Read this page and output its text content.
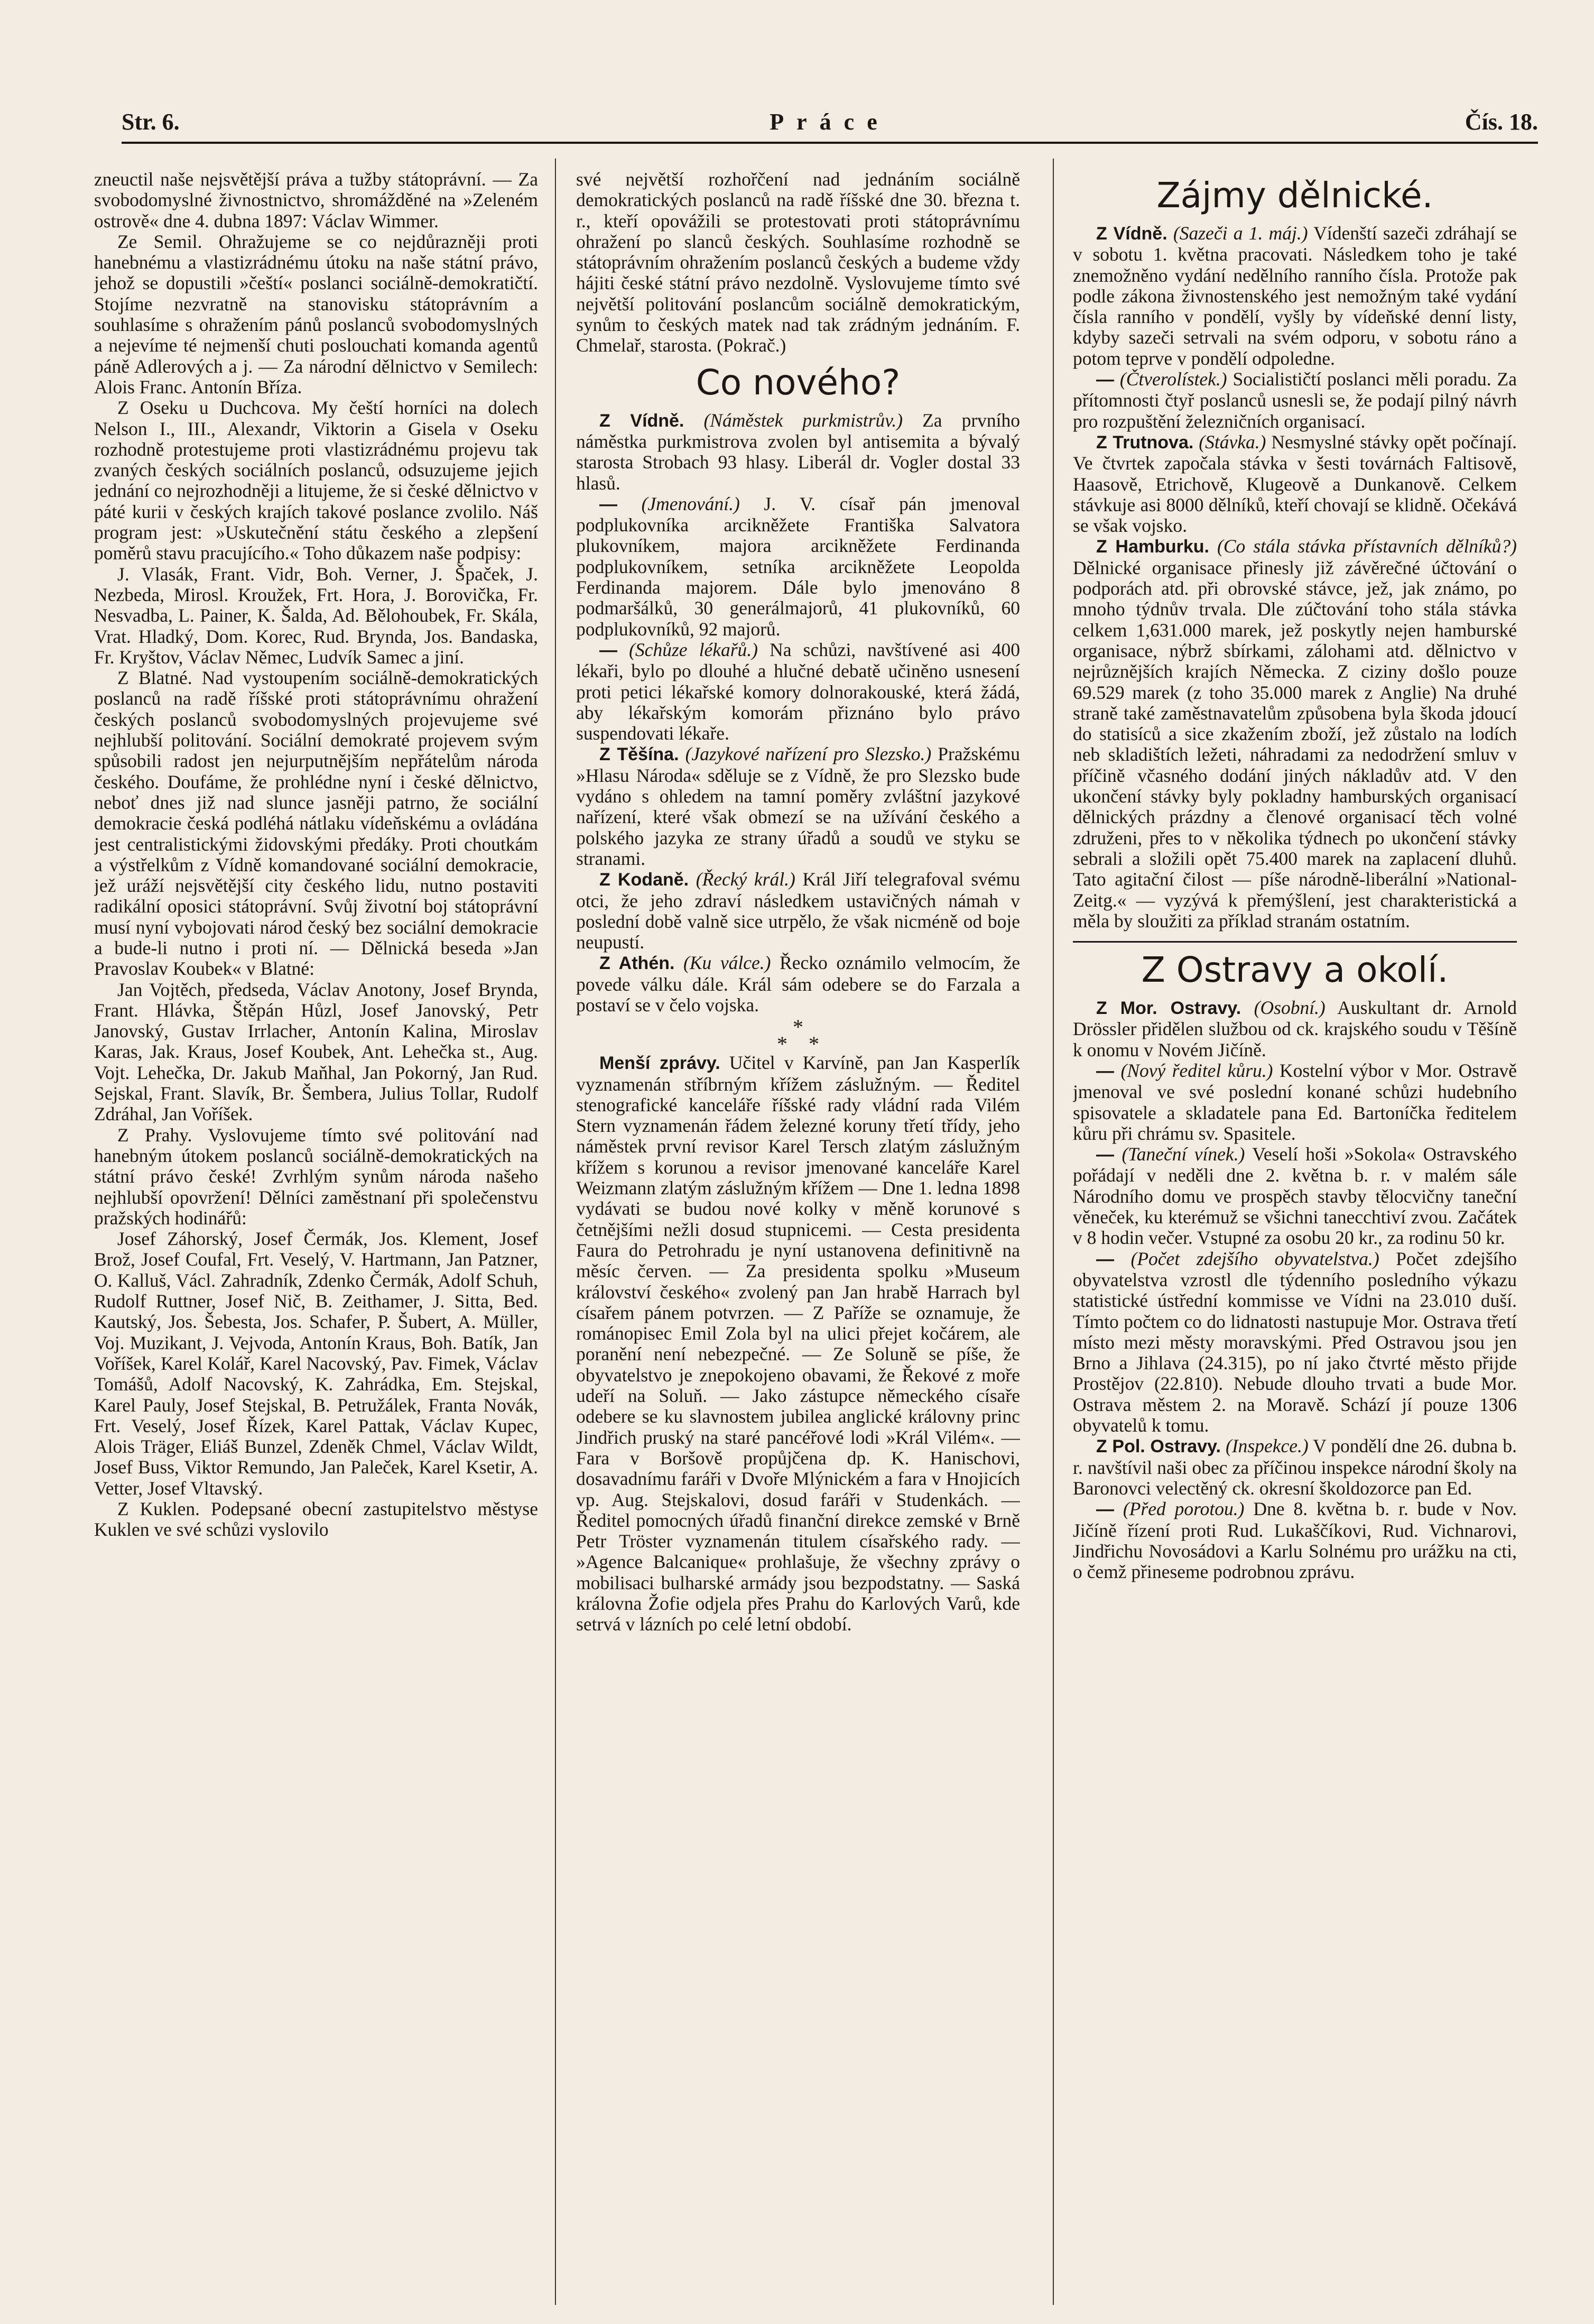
Str. 6.	Práce	Čís. 18.

zneuctil naše nejsvětější práva a tužby státoprávní. — Za svobodomyslné živnostnictvo, shromážděné na »Zeleném ostrově« dne 4. dubna 1897: Václav Wimmer.

Ze Semil. Ohražujeme se co nejdůrazněji proti hanebnému a vlastizrádnému útoku na naše státní právo, jehož se dopustili »čeští« poslanci sociálně-demokratičtí. Stojíme nezvratně na stanovisku státoprávním a souhlasíme s ohražením pánů poslanců svobodomyslných a nejevíme té nejmenší chuti poslouchati komanda agentů páně Adlerových a j. — Za národní dělnictvo v Semilech: Alois Franc. Antonín Bříza.

Z Oseku u Duchcova. My čeští horníci na dolech Nelson I., III., Alexandr, Viktorin a Gisela v Oseku rozhodně protestujeme proti vlastizrádnému projevu tak zvaných českých sociálních poslanců, odsuzujeme jejich jednání co nejrozhodněji a litujeme, že si české dělnictvo v páté kurii v českých krajích takové poslance zvolilo. Náš program jest: »Uskutečnění státu českého a zlepšení poměrů stavu pracujícího.« Toho důkazem naše podpisy:

J. Vlasák, Frant. Vidr, Boh. Verner, J. Špaček, J. Nezbeda, Mirosl. Kroužek, Frt. Hora, J. Borovička, Fr. Nesvadba, L. Painer, K. Šalda, Ad. Bělohoubek, Fr. Skála, Vrat. Hladký, Dom. Korec, Rud. Brynda, Jos. Bandaska, Fr. Kryštov, Václav Němec, Ludvík Samec a jiní.

Z Blatné. Nad vystoupením sociálně-demokratických poslanců na radě říšské proti státoprávnímu ohražení českých poslanců svobodomyslných projevujeme své nejhlubší politování. Sociální demokraté projevem svým spůsobili radost jen nejurputnějším nepřátelům národa českého. Doufáme, že prohlédne nyní i české dělnictvo, neboť dnes již nad slunce jasněji patrno, že sociální demokracie česká podléhá nátlaku vídeňskému a ovládána jest centralistickými židovskými předáky. Proti choutkám a výstřelkům z Vídně komandované sociální demokracie, jež uráží nejsvětější city českého lidu, nutno postaviti radikální oposici státoprávní. Svůj životní boj státoprávní musí nyní vybojovati národ český bez sociální demokracie a bude-li nutno i proti ní. — Dělnická beseda »Jan Pravoslav Koubek« v Blatné:

Jan Vojtěch, předseda, Václav Anotony, Josef Brynda, Frant. Hlávka, Štěpán Hůzl, Josef Janovský, Petr Janovský, Gustav Irrlacher, Antonín Kalina, Miroslav Karas, Jak. Kraus, Josef Koubek, Ant. Lehečka st., Aug. Vojt. Lehečka, Dr. Jakub Maňhal, Jan Pokorný, Jan Rud. Sejskal, Frant. Slavík, Br. Šembera, Julius Tollar, Rudolf Zdráhal, Jan Voříšek.

Z Prahy. Vyslovujeme tímto své politování nad hanebným útokem poslanců sociálně-demokratických na státní právo české! Zvrhlým synům národa našeho nejhlubší opovržení! Dělníci zaměstnaní při společenstvu pražských hodinářů:

Josef Záhorský, Josef Čermák, Jos. Klement, Josef Brož, Josef Coufal, Frt. Veselý, V. Hartmann, Jan Patzner, O. Kalluš, Václ. Zahradník, Zdenko Čermák, Adolf Schuh, Rudolf Ruttner, Josef Nič, B. Zeithamer, J. Sitta, Bed. Kautský, Jos. Šebesta, Jos. Schafer, P. Šubert, A. Müller, Voj. Muzikant, J. Vejvoda, Antonín Kraus, Boh. Batík, Jan Voříšek, Karel Kolář, Karel Nacovský, Pav. Fimek, Václav Tomášů, Adolf Nacovský, K. Zahrádka, Em. Stejskal, Karel Pauly, Josef Stejskal, B. Petružálek, Franta Novák, Frt. Veselý, Josef Řízek, Karel Pattak, Václav Kupec, Alois Träger, Eliáš Bunzel, Zdeněk Chmel, Václav Wildt, Josef Buss, Viktor Remundo, Jan Paleček, Karel Ksetir, A. Vetter, Josef Vltavský.

Z Kuklen. Podepsané obecní zastupitelstvo městyse Kuklen ve své schůzi vyslovilo

své největší rozhořčení nad jednáním sociálně demokratických poslanců na radě říšské dne 30. března t. r., kteří opovážili se protestovati proti státoprávnímu ohražení po slanců českých. Souhlasíme rozhodně se státoprávním ohražením poslanců českých a budeme vždy hájiti české státní právo nezdolně. Vyslovujeme tímto své největší politování poslancům sociálně demokratickým, synům to českých matek nad tak zrádným jednáním. F. Chmelař, starosta. (Pokrač.)

Co nového?

Z Vídně. (Náměstek purkmistrův.) Za prvního náměstka purkmistrova zvolen byl antisemita a bývalý starosta Strobach 93 hlasy. Liberál dr. Vogler dostal 33 hlasů.

— (Jmenování.) J. V. císař pán jmenoval podplukovníka arcikněžete Františka Salvatora plukovníkem, majora arcikněžete Ferdinanda podplukovníkem, setníka arcikněžete Leopolda Ferdinanda majorem. Dále bylo jmenováno 8 podmaršálků, 30 generálmajorů, 41 plukovníků, 60 podplukovníků, 92 majorů.

— (Schůze lékařů.) Na schůzi, navštívené asi 400 lékaři, bylo po dlouhé a hlučné debatě učiněno usnesení proti petici lékařské komory dolnorakouské, která žádá, aby lékařským komorám přiznáno bylo právo suspendovati lékaře.

Z Těšína. (Jazykové nařízení pro Slezsko.) Pražskému »Hlasu Národa« sděluje se z Vídně, že pro Slezsko bude vydáno s ohledem na tamní poměry zvláštní jazykové nařízení, které však obmezí se na užívání českého a polského jazyka ze strany úřadů a soudů ve styku se stranami.

Z Kodaně. (Řecký král.) Král Jiří telegrafoval svému otci, že jeho zdraví následkem ustavičných námah v poslední době valně sice utrpělo, že však nicméně od boje neupustí.

Z Athén. (Ku válce.) Řecko oznámilo velmocím, že povede válku dále. Král sám odebere se do Farzala a postaví se v čelo vojska.

*
*    *

Menší zprávy. Učitel v Karvíně, pan Jan Kasperlík vyznamenán stříbrným křížem záslužným. — Ředitel stenografické kanceláře říšské rady vládní rada Vilém Stern vyznamenán řádem železné koruny třetí třídy, jeho náměstek první revisor Karel Tersch zlatým záslužným křížem s korunou a revisor jmenované kanceláře Karel Weizmann zlatým záslužným křížem — Dne 1. ledna 1898 vydávati se budou nové kolky v měně korunové s četnějšími nežli dosud stupnicemi. — Cesta presidenta Faura do Petrohradu je nyní ustanovena definitivně na měsíc červen. — Za presidenta spolku »Museum království českého« zvolený pan Jan hrabě Harrach byl císařem pánem potvrzen. — Z Paříže se oznamuje, že románopisec Emil Zola byl na ulici přejet kočárem, ale poranění není nebezpečné. — Ze Soluně se píše, že obyvatelstvo je znepokojeno obavami, že Řekové z moře udeří na Soluň. — Jako zástupce německého císaře odebere se ku slavnostem jubilea anglické královny princ Jindřich pruský na staré pancéřové lodi »Král Vilém«. — Fara v Boršově propůjčena dp. K. Hanischovi, dosavadnímu faráři v Dvoře Mlýnickém a fara v Hnojicích vp. Aug. Stejskalovi, dosud faráři v Studenkách. — Ředitel pomocných úřadů finanční direkce zemské v Brně Petr Tröster vyznamenán titulem císařského rady. — »Agence Balcanique« prohlašuje, že všechny zprávy o mobilisaci bulharské armády jsou bezpodstatny. — Saská královna Žofie odjela přes Prahu do Karlových Varů, kde setrvá v lázních po celé letní období.

Zájmy dělnické.

Z Vídně. (Sazeči a 1. máj.) Vídenští sazeči zdráhají se v sobotu 1. května pracovati. Následkem toho je také znemožněno vydání nedělního ranního čísla. Protože pak podle zákona živnostenského jest nemožným také vydání čísla ranního v pondělí, vyšly by vídeňské denní listy, kdyby sazeči setrvali na svém odporu, v sobotu ráno a potom teprve v pondělí odpoledne.

— (Čtverolístek.) Socialističtí poslanci měli poradu. Za přítomnosti čtyř poslanců usnesli se, že podají pilný návrh pro rozpuštění železničních organisací.

Z Trutnova. (Stávka.) Nesmyslné stávky opět počínají. Ve čtvrtek započala stávka v šesti továrnách Faltisově, Haasově, Etrichově, Klugeově a Dunkanově. Celkem stávkuje asi 8000 dělníků, kteří chovají se klidně. Očekává se však vojsko.

Z Hamburku. (Co stála stávka přístavních dělníků?) Dělnické organisace přinesly již závěrečné účtování o podporách atd. při obrovské stávce, jež, jak známo, po mnoho týdnův trvala. Dle zúčtování toho stála stávka celkem 1,631.000 marek, jež poskytly nejen hamburské organisace, nýbrž sbírkami, zálohami atd. dělnictvo v nejrůznějších krajích Německa. Z ciziny došlo pouze 69.529 marek (z toho 35.000 marek z Anglie) Na druhé straně také zaměstnavatelům způsobena byla škoda jdoucí do statisíců a sice zkažením zboží, jež zůstalo na lodích neb skladištích ležeti, náhradami za nedodržení smluv v příčině včasného dodání jiných nákladův atd. V den ukončení stávky byly pokladny hamburských organisací dělnických prázdny a členové organisací těch volné združeni, přes to v několika týdnech po ukončení stávky sebrali a složili opět 75.400 marek na zaplacení dluhů. Tato agitační čilost — píše národně-liberální »National-Zeitg.« — vyzývá k přemýšlení, jest charakteristická a měla by sloužiti za příklad stranám ostatním.

Z Ostravy a okolí.

Z Mor. Ostravy. (Osobní.) Auskultant dr. Arnold Drössler přidělen službou od ck. krajského soudu v Těšíně k onomu v Novém Jičíně.

— (Nový ředitel kůru.) Kostelní výbor v Mor. Ostravě jmenoval ve své poslední konané schůzi hudebního spisovatele a skladatele pana Ed. Bartoníčka ředitelem kůru při chrámu sv. Spasitele.

— (Taneční vínek.) Veselí hoši »Sokola« Ostravského pořádají v neděli dne 2. května b. r. v malém sále Národního domu ve prospěch stavby tělocvičny taneční věneček, ku kterémuž se všichni tanecchtiví zvou. Začátek v 8 hodin večer. Vstupné za osobu 20 kr., za rodinu 50 kr.

— (Počet zdejšího obyvatelstva.) Počet zdejšího obyvatelstva vzrostl dle týdenního posledního výkazu statistické ústřední kommisse ve Vídni na 23.010 duší. Tímto počtem co do lidnatosti nastupuje Mor. Ostrava třetí místo mezi městy moravskými. Před Ostravou jsou jen Brno a Jihlava (24.315), po ní jako čtvrté město přijde Prostějov (22.810). Nebude dlouho trvati a bude Mor. Ostrava městem 2. na Moravě. Schází jí pouze 1306 obyvatelů k tomu.

Z Pol. Ostravy. (Inspekce.) V pondělí dne 26. dubna b. r. navštívil naši obec za příčinou inspekce národní školy na Baronovci velectěný ck. okresní školdozorce pan Ed.

— (Před porotou.) Dne 8. května b. r. bude v Nov. Jičíně řízení proti Rud. Lukaščíkovi, Rud. Vichnarovi, Jindřichu Novosádovi a Karlu Solnému pro urážku na cti, o čemž přineseme podrobnou zprávu.
